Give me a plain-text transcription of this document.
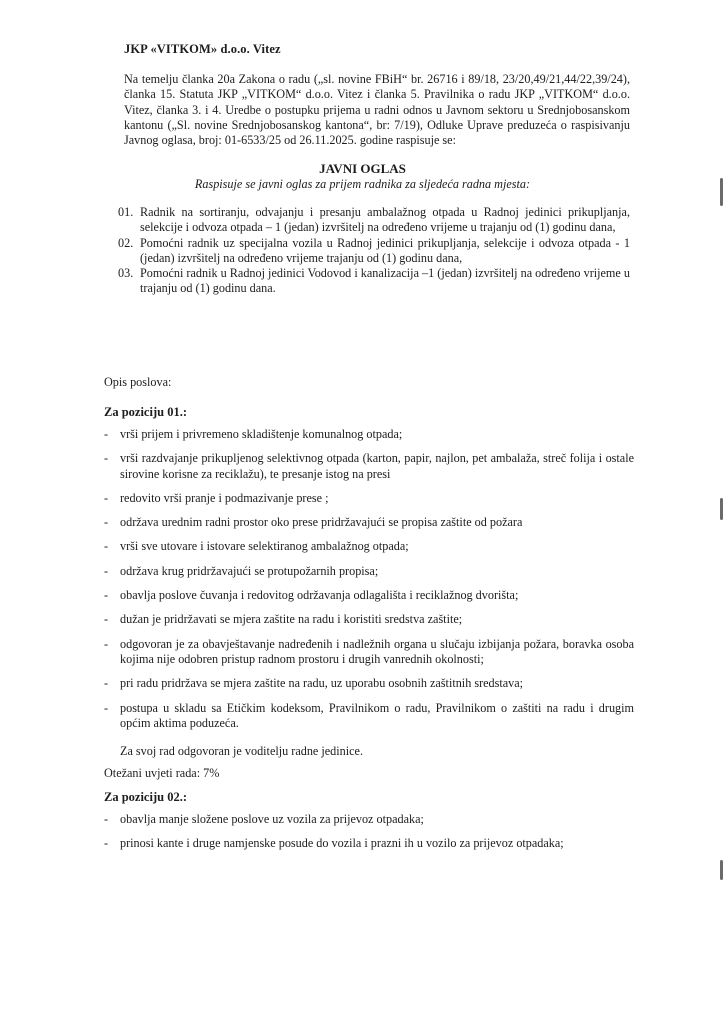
JKP «VITKOM» d.o.o. Vitez
Na temelju članka 20a Zakona o radu („sl. novine FBiH“ br. 26716 i 89/18, 23/20,49/21,44/22,39/24), članka 15. Statuta JKP „VITKOM“ d.o.o. Vitez i članka 5. Pravilnika o radu JKP „VITKOM“ d.o.o. Vitez, članka 3. i 4. Uredbe o postupku prijema u radni odnos u Javnom sektoru u Srednjobosanskom kantonu („Sl. novine Srednjobosanskog kantona“, br: 7/19), Odluke Uprave preduzeća o raspisivanju Javnog oglasa, broj: 01-6533/25 od 26.11.2025. godine raspisuje se:
JAVNI OGLAS
Raspisuje se javni oglas za prijem radnika za sljedeća radna mjesta:
01. Radnik na sortiranju, odvajanju i presanju ambalažnog otpada u Radnoj jedinici prikupljanja, selekcije i odvoza otpada – 1 (jedan) izvršitelj na određeno vrijeme u trajanju od (1) godinu dana,
02. Pomoćni radnik uz specijalna vozila u Radnoj jedinici prikupljanja, selekcije i odvoza otpada - 1 (jedan) izvršitelj na određeno vrijeme trajanju od (1) godinu dana,
03. Pomoćni radnik u Radnoj jedinici Vodovod i kanalizacija –1 (jedan) izvršitelj na određeno vrijeme u trajanju od (1) godinu dana.
Opis poslova:
Za poziciju 01.:
- vrši prijem i privremeno skladištenje komunalnog otpada;
- vrši razdvajanje prikupljenog selektivnog otpada (karton, papir, najlon, pet ambalaža, streč folija i ostale sirovine korisne za reciklažu), te presanje istog na presi
- redovito vrši pranje i podmazivanje prese ;
- održava urednim radni prostor oko prese pridržavajući se propisa zaštite od požara
- vrši sve utovare i istovare selektiranog ambalažnog otpada;
- održava krug pridržavajući se protupožarnih propisa;
- obavlja poslove čuvanja i redovitog održavanja odlagališta i reciklažnog dvorišta;
- dužan je pridržavati se mjera zaštite na radu i koristiti sredstva zaštite;
- odgovoran je za obavještavanje nadređenih i nadležnih organa u slučaju izbijanja požara, boravka osoba kojima nije odobren pristup radnom prostoru i drugih vanrednih okolnosti;
- pri radu pridržava se mjera zaštite na radu, uz uporabu osobnih zaštitnih sredstava;
- postupa u skladu sa Etičkim kodeksom, Pravilnikom o radu, Pravilnikom o zaštiti na radu i drugim općim aktima poduzeća.
Za svoj rad odgovoran je voditelju radne jedinice.
Otežani uvjeti rada: 7%
Za poziciju 02.:
- obavlja manje složene poslove uz vozila za prijevoz otpadaka;
- prinosi kante i druge namjenske posude do vozila i prazni ih u vozilo za prijevoz otpadaka;
